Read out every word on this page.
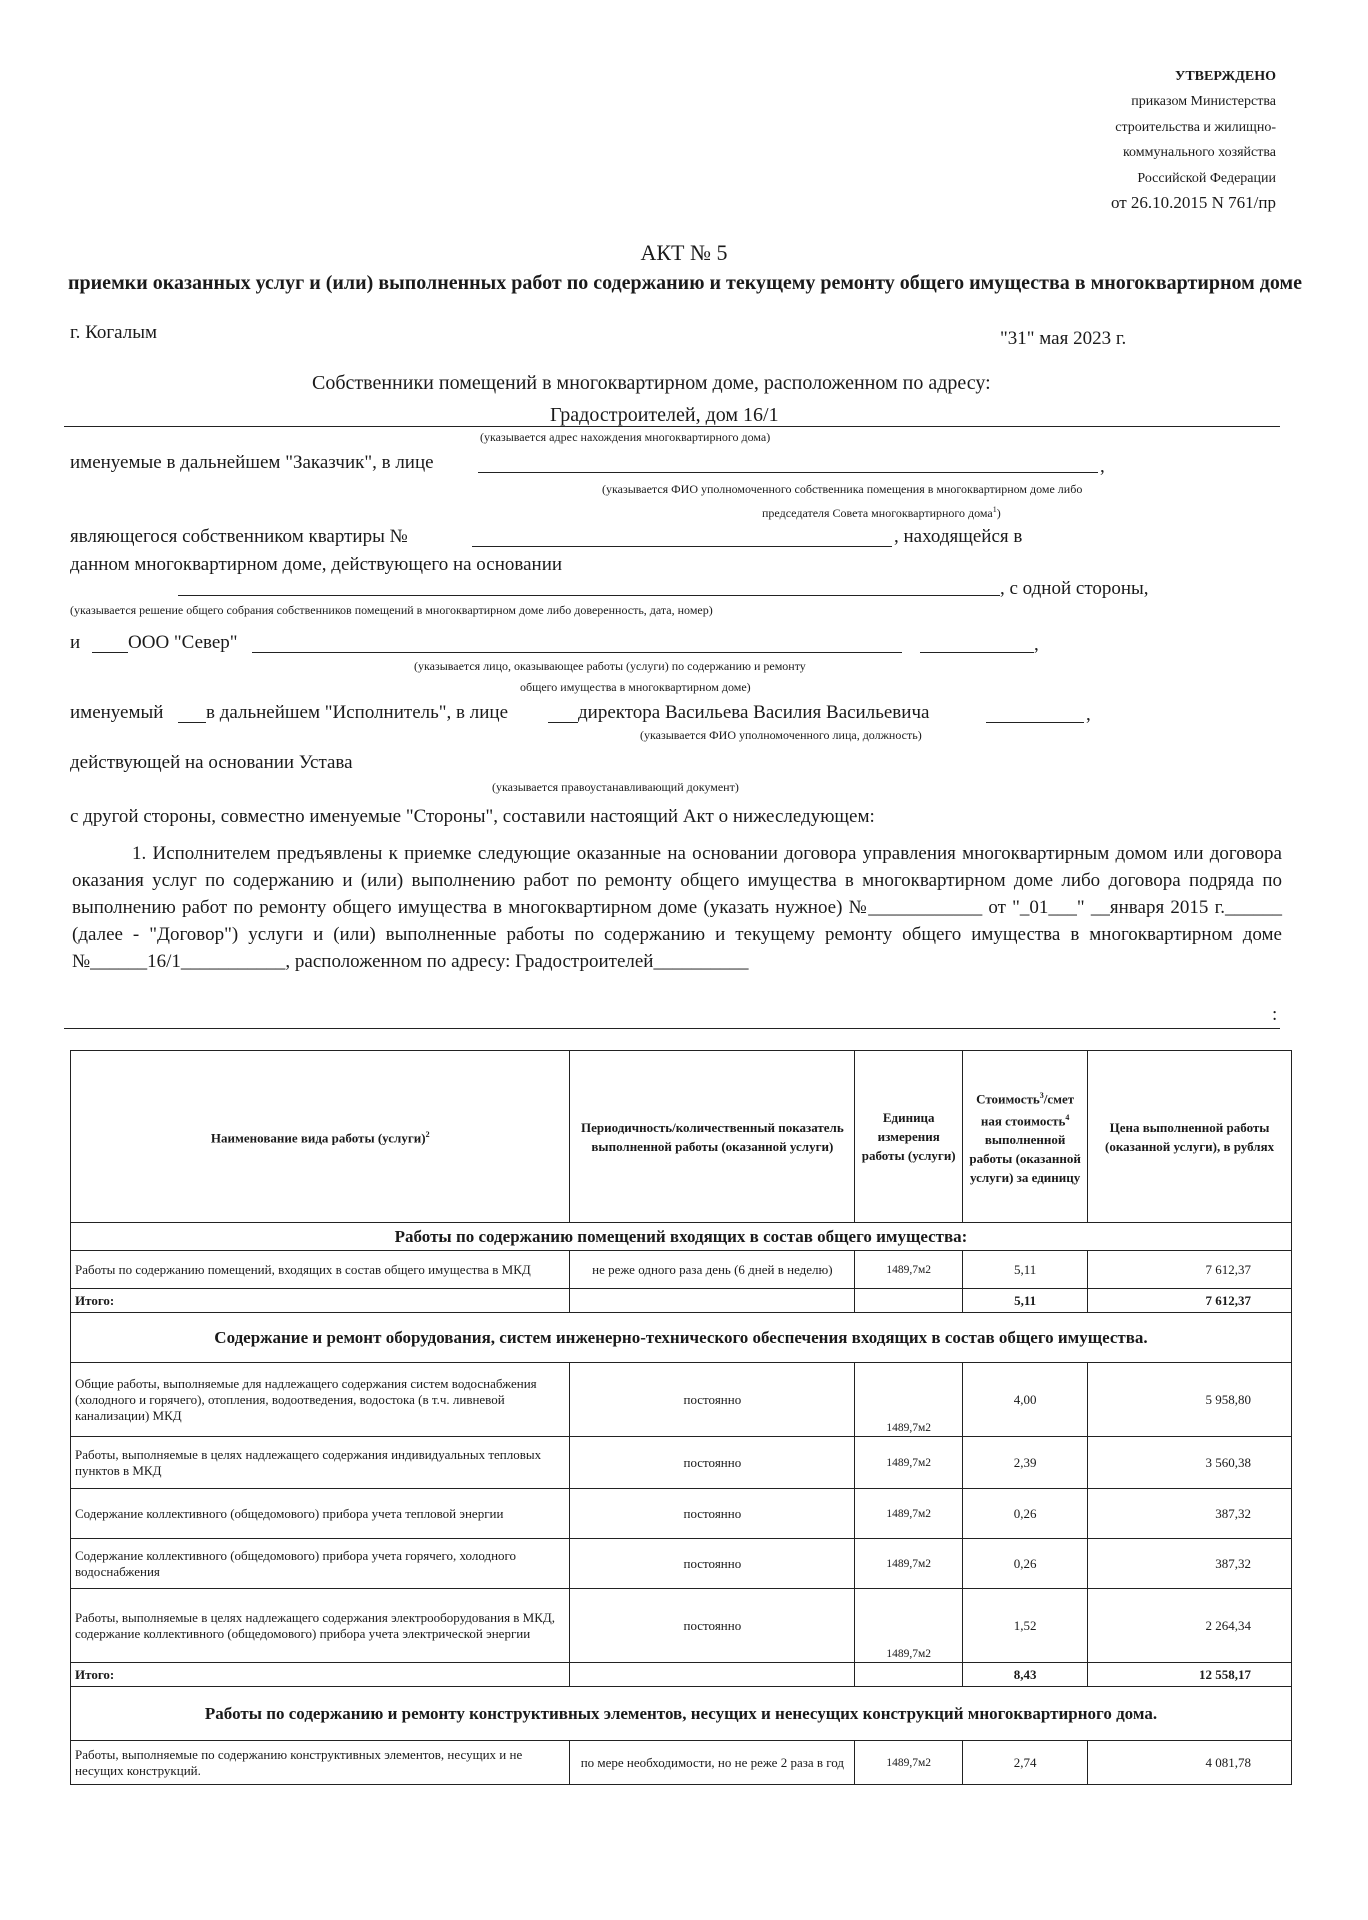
УТВЕРЖДЕНО
приказом Министерства
строительства и жилищно-
коммунального хозяйства
Российской Федерации
от 26.10.2015 N 761/пр
АКТ № 5
приемки оказанных услуг и (или) выполненных работ по содержанию и текущему ремонту общего имущества в многоквартирном доме
г. Когалым	"31" мая 2023 г.
Собственники помещений в многоквартирном доме, расположенном по адресу:
Градостроителей, дом 16/1
(указывается адрес нахождения многоквартирного дома)
именуемые в дальнейшем "Заказчик", в лице	,
(указывается ФИО уполномоченного собственника помещения в многоквартирном доме либо
председателя Совета многоквартирного дома$^1$)
являющегося собственником квартиры №	, находящейся в
данном многоквартирном доме, действующего на основании
, с одной стороны,
(указывается решение общего собрания собственников помещений в многоквартирном доме либо доверенность, дата, номер)
и	ООО "Север"	,
(указывается лицо, оказывающее работы (услуги) по содержанию и ремонту
общего имущества в многоквартирном доме)
именуемый в дальнейшем "Исполнитель", в лице	директора Васильева Василия Васильевича	,
(указывается ФИО уполномоченного лица, должность)
действующей на основании Устава
(указывается правоустанавливающий документ)
с другой стороны, совместно именуемые "Стороны", составили настоящий Акт о нижеследующем:
1. Исполнителем предъявлены к приемке следующие оказанные на основании договора управления многоквартирным домом или договора оказания услуг по содержанию и (или) выполнению работ по ремонту общего имущества в многоквартирном доме либо договора подряда по выполнению работ по ремонту общего имущества в многоквартирном доме (указать нужное) №____________ от "_01___" __января 2015 г.______ (далее - "Договор") услуги и (или) выполненные работы по содержанию и текущему ремонту общего имущества в многоквартирном доме №______16/1___________, расположенном по адресу: Градостроителей__________
:
Наименование вида работы (услуги)$^2$	Периодичность/количественный показатель выполненной работы (оказанной услуги)	Единица измерения работы (услуги)	Стоимость$^3$/смет ная стоимость$^4$ выполненной работы (оказанной услуги) за единицу	Цена выполненной работы (оказанной услуги), в рублях
Работы по содержанию помещений входящих в состав общего имущества:				
Работы по содержанию помещений, входящих в состав общего имущества в МКД	не реже одного раза день (6 дней в неделю)	1489,7м2	5,11	7 612,37
Итого:			5,11	7 612,37
Содержание и ремонт оборудования, систем инженерно-технического обеспечения входящих в состав общего имущества.				
Общие работы, выполняемые для надлежащего содержания систем водоснабжения (холодного и горячего), отопления, водоотведения, водостока (в т.ч. ливневой канализации) МКД	постоянно	1489,7м2	4,00	5 958,80
Работы, выполняемые в целях надлежащего содержания индивидуальных тепловых пунктов в МКД	постоянно	1489,7м2	2,39	3 560,38
Содержание коллективного (общедомового) прибора учета тепловой энергии	постоянно	1489,7м2	0,26	387,32
Содержание коллективного (общедомового) прибора учета горячего, холодного водоснабжения	постоянно	1489,7м2	0,26	387,32
Работы, выполняемые в целях надлежащего содержания электрооборудования в МКД, содержание коллективного (общедомового) прибора учета электрической энергии	постоянно	1489,7м2	1,52	2 264,34
Итого:			8,43	12 558,17
Работы по содержанию и ремонту конструктивных элементов, несущих и ненесущих конструкций многоквартирного дома.				
Работы, выполняемые по содержанию конструктивных элементов, несущих и не несущих конструкций.	по мере необходимости, но не реже 2 раза в год	1489,7м2	2,74	4 081,78
